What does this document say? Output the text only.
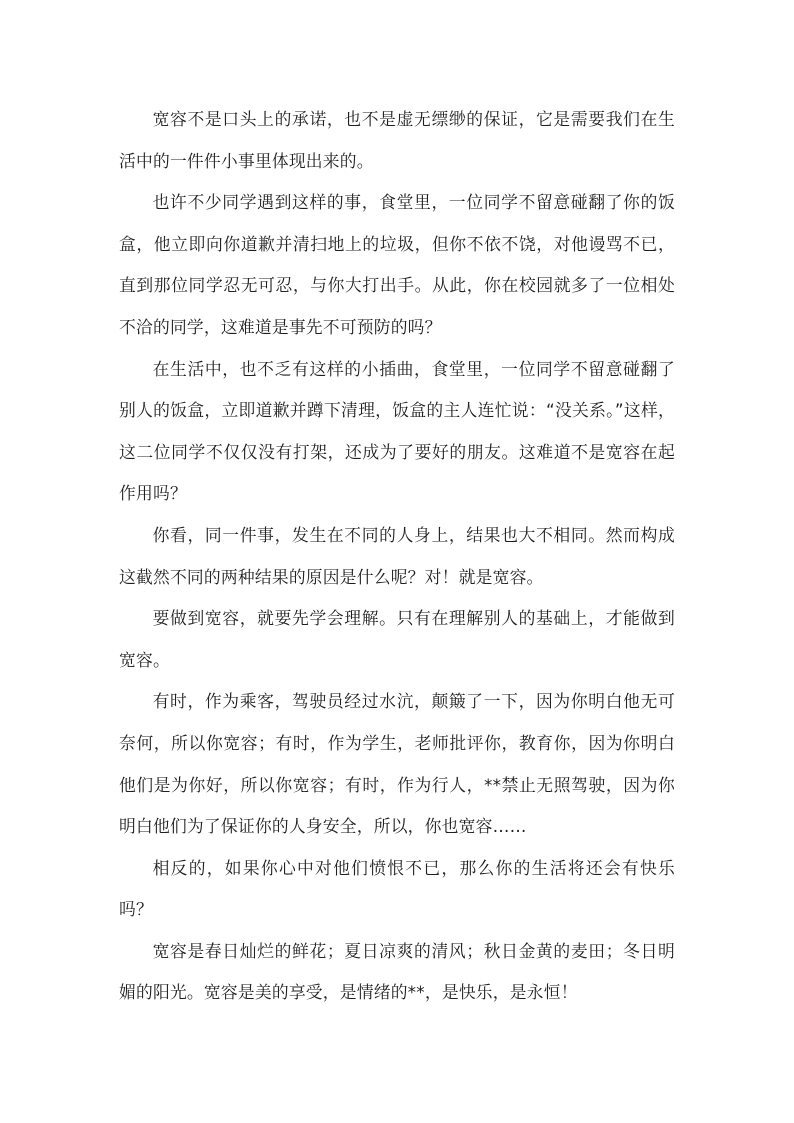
宽容不是口头上的承诺，也不是虚无缥缈的保证，它是需要我们在生活中的一件件小事里体现出来的。

也许不少同学遇到这样的事，食堂里，一位同学不留意碰翻了你的饭盒，他立即向你道歉并清扫地上的垃圾，但你不依不饶，对他谩骂不已，直到那位同学忍无可忍，与你大打出手。从此，你在校园就多了一位相处不洽的同学，这难道是事先不可预防的吗？

在生活中，也不乏有这样的小插曲，食堂里，一位同学不留意碰翻了别人的饭盒，立即道歉并蹲下清理，饭盒的主人连忙说：“没关系。”这样，这二位同学不仅仅没有打架，还成为了要好的朋友。这难道不是宽容在起作用吗？

你看，同一件事，发生在不同的人身上，结果也大不相同。然而构成这截然不同的两种结果的原因是什么呢？对！就是宽容。

要做到宽容，就要先学会理解。只有在理解别人的基础上，才能做到宽容。

有时，作为乘客，驾驶员经过水沆，颠簸了一下，因为你明白他无可奈何，所以你宽容；有时，作为学生，老师批评你，教育你，因为你明白他们是为你好，所以你宽容；有时，作为行人，**禁止无照驾驶，因为你明白他们为了保证你的人身安全，所以，你也宽容……

相反的，如果你心中对他们愤恨不已，那么你的生活将还会有快乐吗？

宽容是春日灿烂的鲜花；夏日凉爽的清风；秋日金黄的麦田；冬日明媚的阳光。宽容是美的享受，是情绪的**，是快乐，是永恒！
